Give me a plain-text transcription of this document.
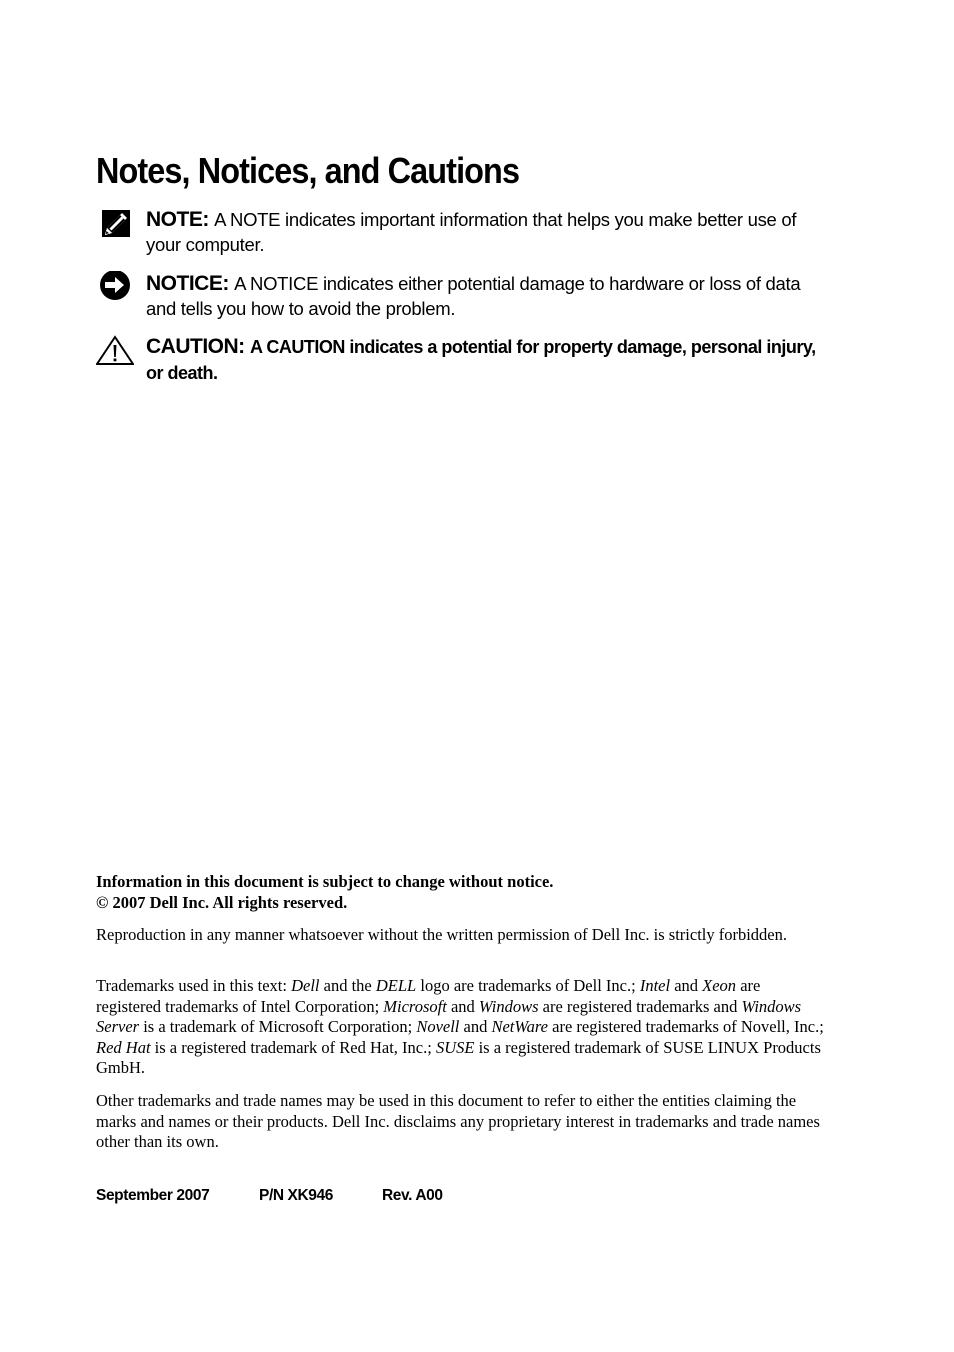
Notes, Notices, and Cautions
NOTE: A NOTE indicates important information that helps you make better use of your computer.
NOTICE: A NOTICE indicates either potential damage to hardware or loss of data and tells you how to avoid the problem.
CAUTION: A CAUTION indicates a potential for property damage, personal injury, or death.

Information in this document is subject to change without notice.

© 2007 Dell Inc. All rights reserved.

Reproduction in any manner whatsoever without the written permission of Dell Inc. is strictly forbidden.

Trademarks used in this text: Dell and the DELL logo are trademarks of Dell Inc.; Intel and Xeon are registered trademarks of Intel Corporation; Microsoft and Windows are registered trademarks and Windows Server is a trademark of Microsoft Corporation; Novell and NetWare are registered trademarks of Novell, Inc.; Red Hat is a registered trademark of Red Hat, Inc.; SUSE is a registered trademark of SUSE LINUX Products GmbH.

Other trademarks and trade names may be used in this document to refer to either the entities claiming the marks and names or their products. Dell Inc. disclaims any proprietary interest in trademarks and trade names other than its own.

September 2007	P/N XK946	Rev. A00
